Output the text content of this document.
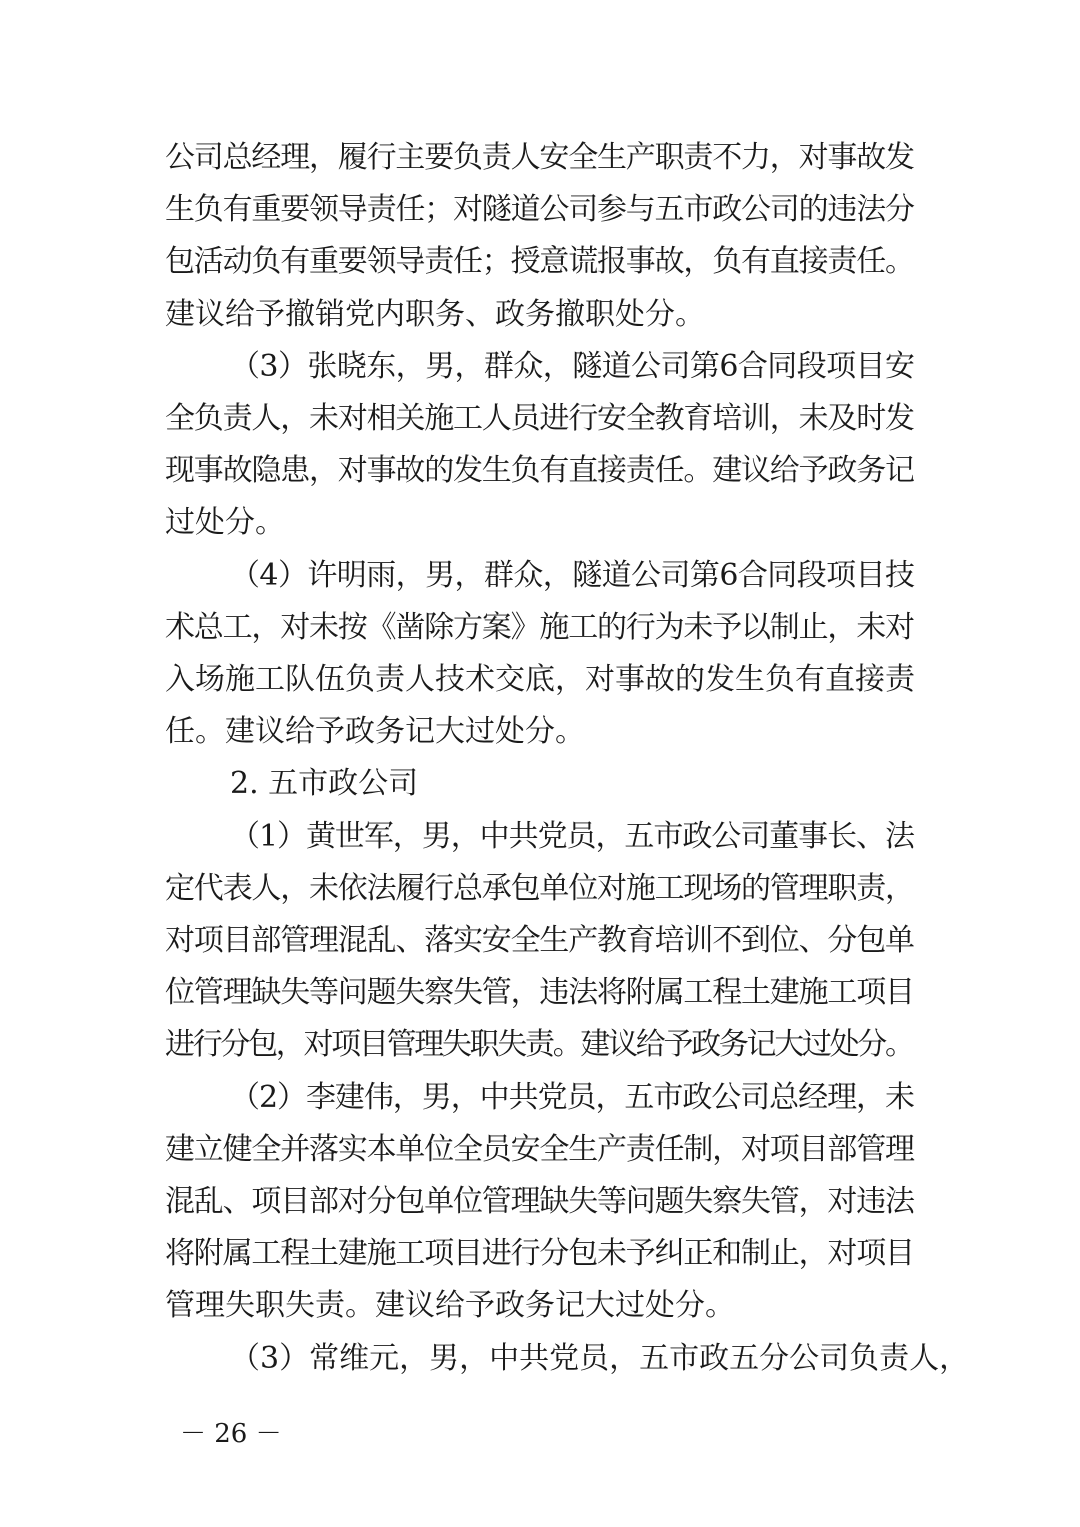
公司总经理，履行主要负责人安全生产职责不力，对事故发
生负有重要领导责任；对隧道公司参与五市政公司的违法分
包活动负有重要领导责任；授意谎报事故，负有直接责任。
建议给予撤销党内职务、政务撤职处分。
（3）张晓东，男，群众，隧道公司第6合同段项目安
全负责人，未对相关施工人员进行安全教育培训，未及时发
现事故隐患，对事故的发生负有直接责任。建议给予政务记
过处分。
（4）许明雨，男，群众，隧道公司第6合同段项目技
术总工，对未按《凿除方案》施工的行为未予以制止，未对
入场施工队伍负责人技术交底，对事故的发生负有直接责
任。建议给予政务记大过处分。
2. 五市政公司
（1）黄世军，男，中共党员，五市政公司董事长、法
定代表人，未依法履行总承包单位对施工现场的管理职责，
对项目部管理混乱、落实安全生产教育培训不到位、分包单
位管理缺失等问题失察失管，违法将附属工程土建施工项目
进行分包，对项目管理失职失责。建议给予政务记大过处分。
（2）李建伟，男，中共党员，五市政公司总经理，未
建立健全并落实本单位全员安全生产责任制，对项目部管理
混乱、项目部对分包单位管理缺失等问题失察失管，对违法
将附属工程土建施工项目进行分包未予纠正和制止，对项目
管理失职失责。建议给予政务记大过处分。
（3）常维元，男，中共党员，五市政五分公司负责人，
－ 26 －
